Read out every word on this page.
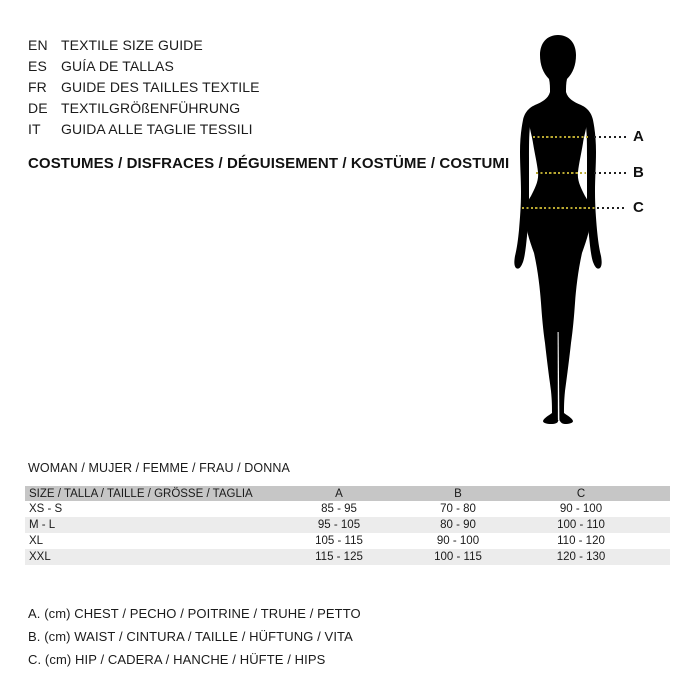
EN TEXTILE SIZE GUIDE
ES	GUÍA DE TALLAS
FR	GUIDE DES TAILLES TEXTILE
DE TEXTILGRÖßENFÜHRUNG
IT	GUIDA ALLE TAGLIE TESSILI
COSTUMES / DISFRACES / DÉGUISEMENT / KOSTÜME / COSTUMI
A
B
C
WOMAN / MUJER / FEMME / FRAU / DONNA
SIZE / TALLA / TAILLE / GRÖSSE / TAGLIA	A	B	C
XS - S	85 - 95	70 - 80	90 - 100
M - L	95 - 105	80 - 90	100 - 110
XL	105 - 115	90 - 100	110 - 120
XXL	115 - 125	100 - 115	120 - 130
A. (cm) CHEST / PECHO / POITRINE / TRUHE / PETTO
B. (cm) WAIST / CINTURA / TAILLE / HÜFTUNG / VITA
C. (cm) HIP / CADERA / HANCHE / HÜFTE / HIPS
